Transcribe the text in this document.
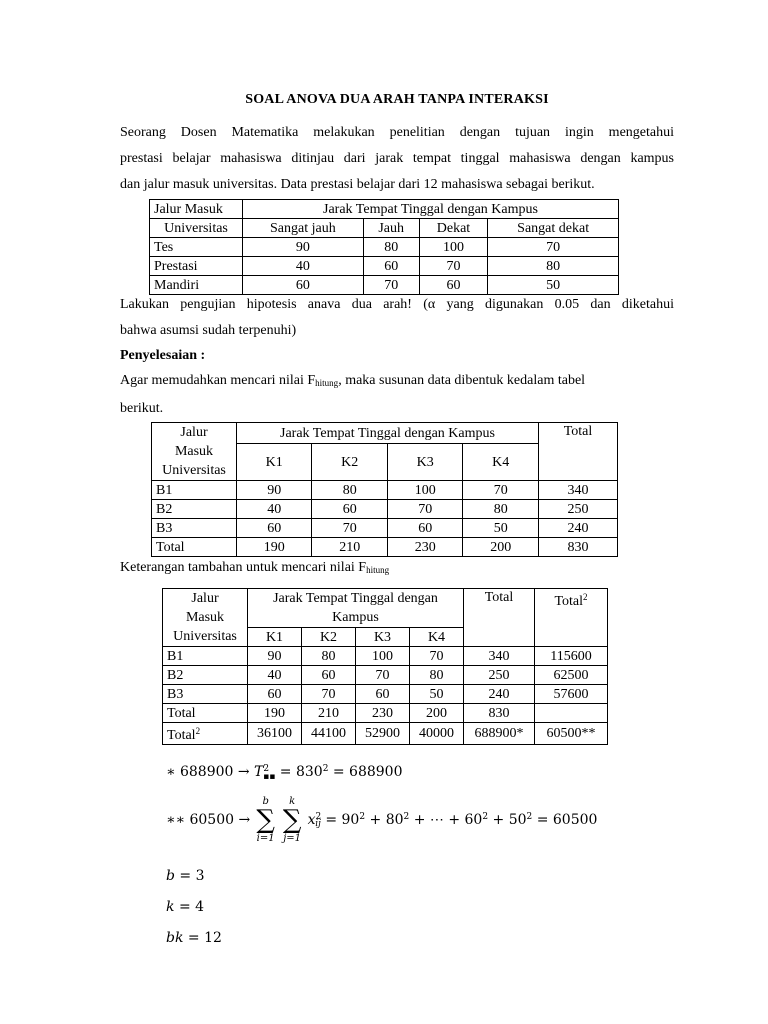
SOAL ANOVA DUA ARAH TANPA INTERAKSI
Seorang Dosen Matematika melakukan penelitian dengan tujuan ingin mengetahui
prestasi belajar mahasiswa ditinjau dari jarak tempat tinggal mahasiswa dengan kampus
dan jalur masuk universitas. Data prestasi belajar dari 12 mahasiswa sebagai berikut.
Jalur Masuk	Jarak Tempat Tinggal dengan Kampus			
Universitas	Sangat jauh	Jauh	Dekat	Sangat dekat
Tes	90	80	100	70
Prestasi	40	60	70	80
Mandiri	60	70	60	50
Lakukan pengujian hipotesis anava dua arah! (α yang digunakan 0.05 dan diketahui
bahwa asumsi sudah terpenuhi)
Penyelesaian :
Agar memudahkan mencari nilai $F_{hitung}$, maka susunan data dibentuk kedalam tabel
berikut.
Jalur
Masuk
Universitas	Jarak Tempat Tinggal dengan Kampus				Total
	K1	K2	K3	K4	

B1	90	80	100	70	340
B2	40	60	70	80	250
B3	60	70	60	50	240
Total	190	210	230	200	830
Keterangan tambahan untuk mencari nilai $F_{hitung}$
Jalur
Masuk
Universitas	Jarak Tempat Tinggal dengan
Kampus				Total	Total$^2$

	K1	K2	K3	K4		
B1	90	80	100	70	340	115600
B2	40	60	70	80	250	62500
B3	60	70	60	50	240	57600
Total	190	210	230	200	830	
Total$^2$	36100	44100	52900	40000	688900*	60500**
∗ $688900 \to T^2_{▪▪} = 830^2 = 688900$
∗∗ 60500 →
b
∑
i=1

k
∑
j=1
$x^2_{ij} = 90^2 + 80^2$ + ⋯ + $60^2 + 50^2 = 60500$
b = 3
k = 4
bk = 12
